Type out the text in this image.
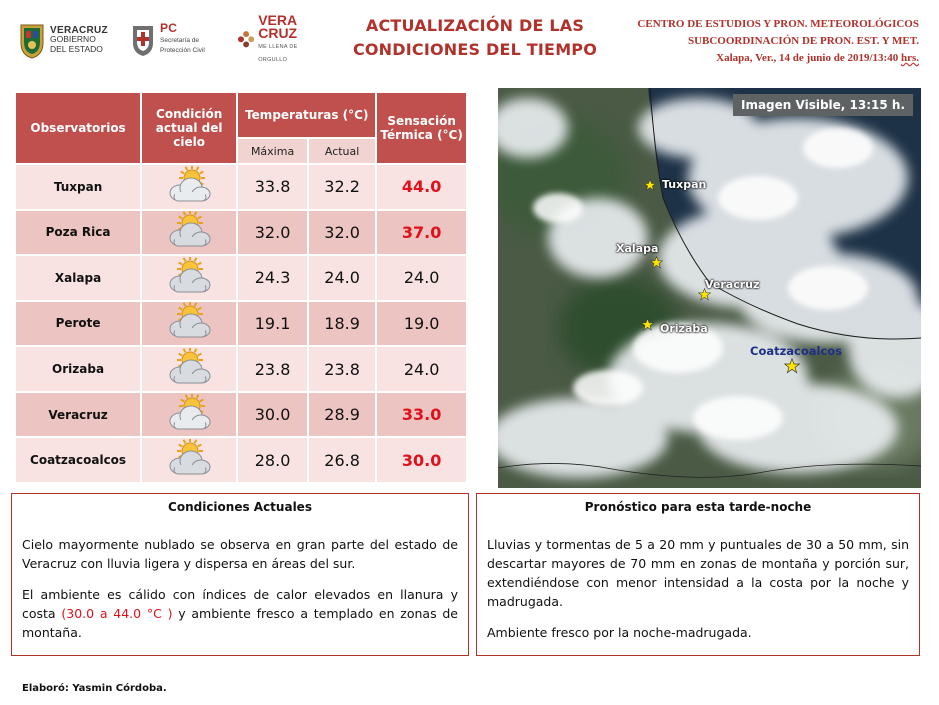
VERACRUZ
GOBIERNO
DEL ESTADO
PC
Secretaría de
Protección Civil
VERA
CRUZ
ME LLENA DE ORGULLO
ACTUALIZACIÓN DE LAS
CONDICIONES DEL TIEMPO
CENTRO DE ESTUDIOS Y PRON. METEOROLÓGICOS
SUBCOORDINACIÓN DE PRON. EST. Y MET.
Xalapa, Ver., 14 de junio de 2019/13:40 hrs.
Observatorios	Condición actual del cielo	Temperaturas (°C)		Sensación Térmica (°C)
		Máxima	Actual	
Tuxpan		33.8	32.2	44.0
Poza Rica		32.0	32.0	37.0
Xalapa		24.3	24.0	24.0
Perote		19.1	18.9	19.0
Orizaba		23.8	23.8	24.0
Veracruz		30.0	28.9	33.0
Coatzacoalcos		28.0	26.8	30.0
Imagen Visible, 13:15 h.
Tuxpan
Xalapa
Veracruz
Orizaba
Coatzacoalcos
Condiciones Actuales

Cielo mayormente nublado se observa en gran parte del estado de Veracruz con lluvia ligera y dispersa en áreas del sur.

El ambiente es cálido con índices de calor elevados en llanura y costa (30.0 a 44.0 °C ) y ambiente fresco a templado en zonas de montaña.

Pronóstico para esta tarde-noche

Lluvias y tormentas de 5 a 20 mm y puntuales de 30 a 50 mm, sin descartar mayores de 70 mm en zonas de montaña y porción sur, extendiéndose con menor intensidad a la costa por la noche y madrugada.

Ambiente fresco por la noche-madrugada.

Elaboró: Yasmin Córdoba.
